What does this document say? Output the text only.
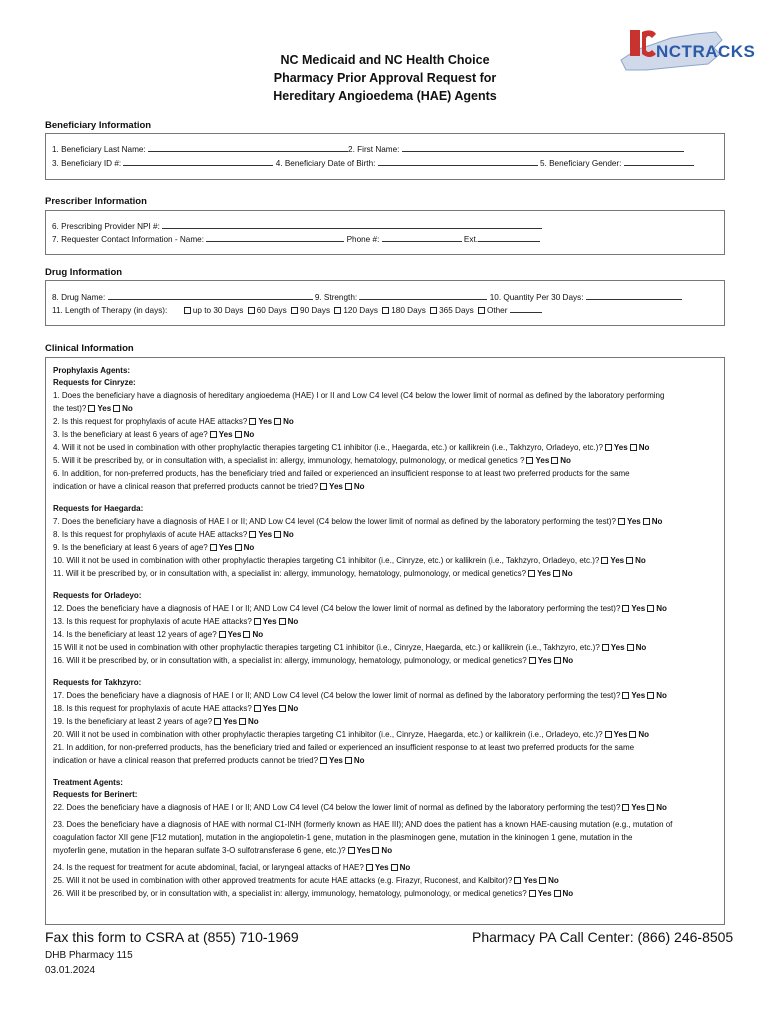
NC Medicaid and NC Health Choice
Pharmacy Prior Approval Request for
Hereditary Angioedema (HAE) Agents
NCTRACKS
Beneficiary Information
1. Beneficiary Last Name:	2. First Name:
3. Beneficiary ID #:	4. Beneficiary Date of Birth:	5. Beneficiary Gender:
Prescriber Information
6. Prescribing Provider NPI #:
7. Requester Contact Information - Name:	Phone #:	Ext.
Drug Information
8. Drug Name:	9. Strength:	10. Quantity Per 30 Days:
11. Length of Therapy (in days):	up to 30 Days 60 Days 90 Days 120 Days 180 Days 365 Days Other
Clinical Information
Prophylaxis Agents:
Requests for Cinryze:
1. Does the beneficiary have a diagnosis of hereditary angioedema (HAE) I or II and Low C4 level (C4 below the lower limit of normal as defined by the laboratory performing
the test)? Yes No
2. Is this request for prophylaxis of acute HAE attacks? Yes No
3. Is the beneficiary at least 6 years of age? Yes No
4. Will it not be used in combination with other prophylactic therapies targeting C1 inhibitor (i.e., Haegarda, etc.) or kallikrein (i.e., Takhzyro, Orladeyo, etc.)? Yes No
5. Will it be prescribed by, or in consultation with, a specialist in: allergy, immunology, hematology, pulmonology, or medical genetics ? Yes No
6. In addition, for non-preferred products, has the beneficiary tried and failed or experienced an insufficient response to at least two preferred products for the same
indication or have a clinical reason that preferred products cannot be tried? Yes No
Requests for Haegarda:
7. Does the beneficiary have a diagnosis of HAE I or II; AND Low C4 level (C4 below the lower limit of normal as defined by the laboratory performing the test)? Yes No
8. Is this request for prophylaxis of acute HAE attacks? Yes No
9. Is the beneficiary at least 6 years of age? Yes No
10. Will it not be used in combination with other prophylactic therapies targeting C1 inhibitor (i.e., Cinryze, etc.) or kallikrein (i.e., Takhzyro, Orladeyo, etc.)? Yes No
11. Will it be prescribed by, or in consultation with, a specialist in: allergy, immunology, hematology, pulmonology, or medical genetics? Yes No
Requests for Orladeyo:
12. Does the beneficiary have a diagnosis of HAE I or II; AND Low C4 level (C4 below the lower limit of normal as defined by the laboratory performing the test)? Yes No
13. Is this request for prophylaxis of acute HAE attacks? Yes No
14. Is the beneficiary at least 12 years of age? Yes No
15 Will it not be used in combination with other prophylactic therapies targeting C1 inhibitor (i.e., Cinryze, Haegarda, etc.) or kallikrein (i.e., Takhzyro, etc.)? Yes No
16. Will it be prescribed by, or in consultation with, a specialist in: allergy, immunology, hematology, pulmonology, or medical genetics? Yes No
Requests for Takhzyro:
17. Does the beneficiary have a diagnosis of HAE I or II; AND Low C4 level (C4 below the lower limit of normal as defined by the laboratory performing the test)? Yes No
18. Is this request for prophylaxis of acute HAE attacks? Yes No
19. Is the beneficiary at least 2 years of age? Yes No
20. Will it not be used in combination with other prophylactic therapies targeting C1 inhibitor (i.e., Cinryze, Haegarda, etc.) or kallikrein (i.e., Orladeyo, etc.)? Yes No
21. In addition, for non-preferred products, has the beneficiary tried and failed or experienced an insufficient response to at least two preferred products for the same
indication or have a clinical reason that preferred products cannot be tried? Yes No
Treatment Agents:
Requests for Berinert:
22. Does the beneficiary have a diagnosis of HAE I or II; AND Low C4 level (C4 below the lower limit of normal as defined by the laboratory performing the test)? Yes No
23. Does the beneficiary have a diagnosis of HAE with normal C1-INH (formerly known as HAE III); AND does the patient has a known HAE-causing mutation (e.g., mutation of
coagulation factor XII gene [F12 mutation], mutation in the angiopoletin-1 gene, mutation in the plasminogen gene, mutation in the kininogen 1 gene, mutation in the
myoferlin gene, mutation in the heparan sulfate 3-O sulfotransferase 6 gene, etc.)? Yes No
24. Is the request for treatment for acute abdominal, facial, or laryngeal attacks of HAE? Yes No
25. Will it not be used in combination with other approved treatments for acute HAE attacks (e.g. Firazyr, Ruconest, and Kalbitor)? Yes No
26. Will it be prescribed by, or in consultation with, a specialist in: allergy, immunology, hematology, pulmonology, or medical genetics? Yes No
Fax this form to CSRA at (855) 710-1969	Pharmacy PA Call Center: (866) 246-8505
DHB Pharmacy 115
03.01.2024
